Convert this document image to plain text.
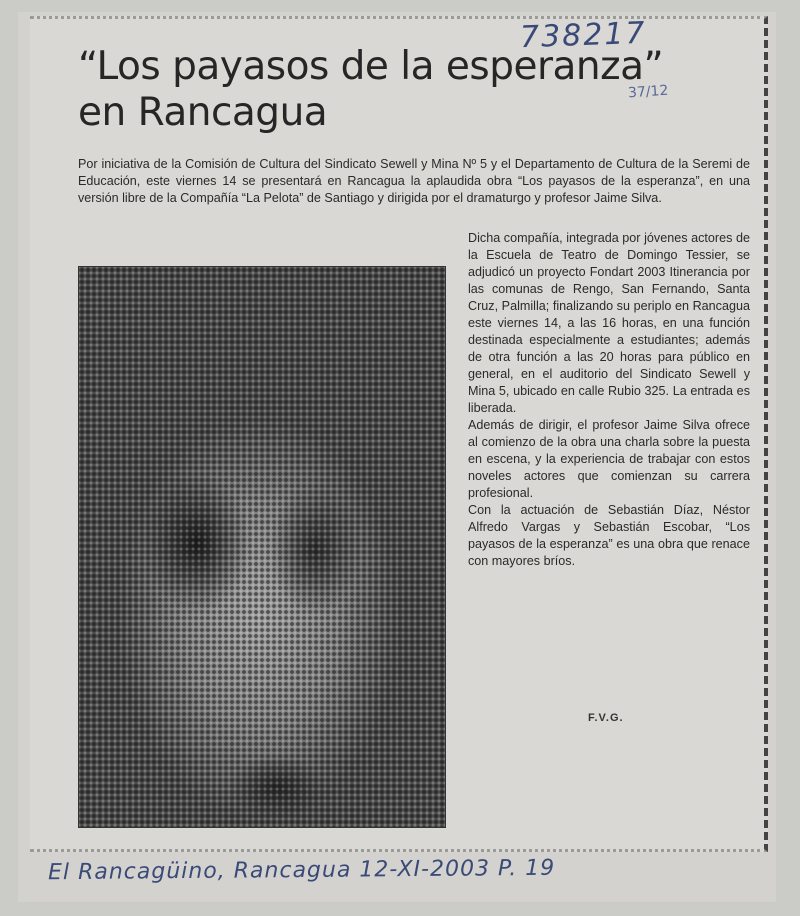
738217
37/12
“Los payasos de la esperanza”
en Rancagua

Por iniciativa de la Comisión de Cultura del Sindicato Sewell y Mina Nº 5 y el Departamento de Cultura de la Seremi de Educación, este viernes 14 se presentará en Rancagua la aplaudida obra “Los payasos de la esperanza”, en una versión libre de la Compañía “La Pelota” de Santiago y dirigida por el dramaturgo y profesor Jaime Silva.

Dicha compañía, integrada por jóvenes actores de la Escuela de Teatro de Domingo Tessier, se adjudicó un proyecto Fondart 2003 Itinerancia por las comunas de Rengo, San Fernando, Santa Cruz, Palmilla; finalizando su periplo en Rancagua este viernes 14, a las 16 horas, en una función destinada especialmente a estudiantes; además de otra función a las 20 horas para público en general, en el auditorio del Sindicato Sewell y Mina 5, ubicado en calle Rubio 325. La entrada es liberada.

Además de dirigir, el profesor Jaime Silva ofrece al comienzo de la obra una charla sobre la puesta en escena, y la experiencia de trabajar con estos noveles actores que comienzan su carrera profesional.

Con la actuación de Sebastián Díaz, Néstor Alfredo Vargas y Sebastián Escobar, “Los payasos de la esperanza” es una obra que renace con mayores bríos.

F.V.G.
El Rancagüino, Rancagua 12-XI-2003 P. 19
